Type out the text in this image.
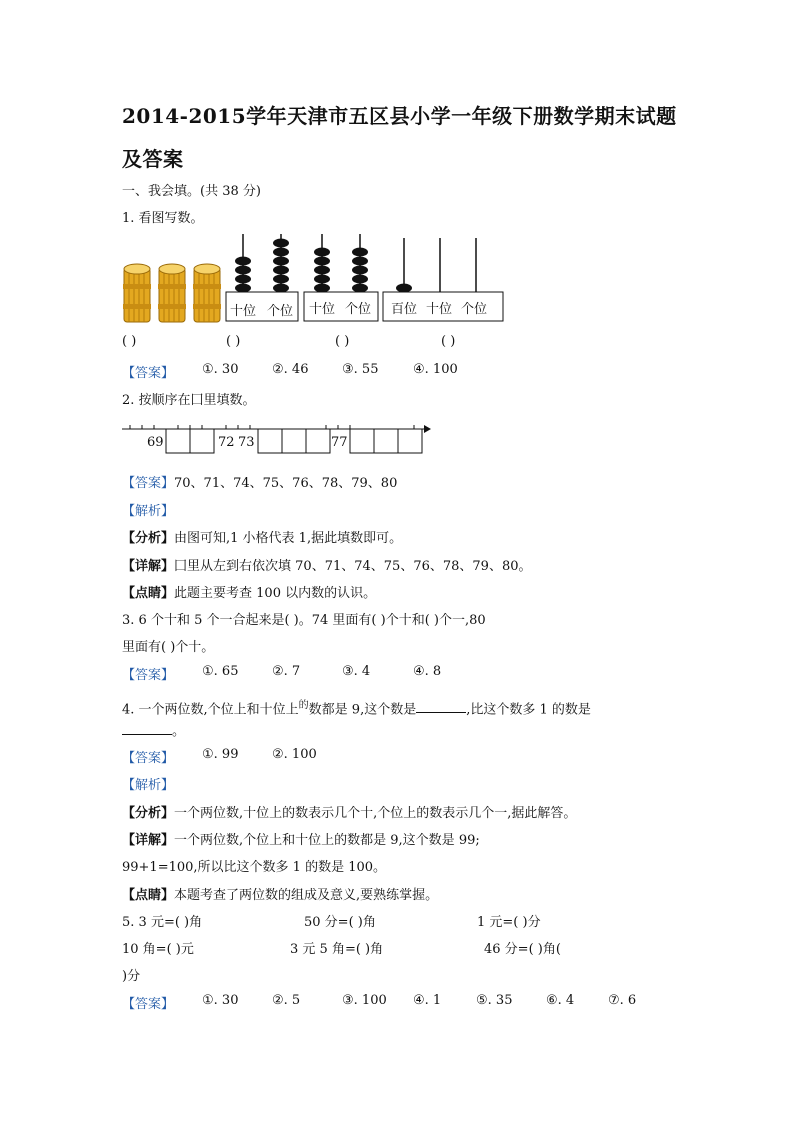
2014-2015学年天津市五区县小学一年级下册数学期末试题
及答案
一、我会填。(共 38 分)
1. 看图写数。
十位 个位 十位 个位 百位 十位 个位
( )	( )	( )	( )
【答案】 ①. 30	②. 46	③. 55	④. 100
2. 按顺序在囗里填数。
69	72 73	77
【答案】70、71、74、75、76、78、79、80
【解析】
【分析】由图可知,1 小格代表 1,据此填数即可。
【详解】囗里从左到右依次填 70、71、74、75、76、78、79、80。
【点睛】此题主要考查 100 以内数的认识。
3. 6 个十和 5 个一合起来是( )。74 里面有( )个十和( )个一,80
里面有( )个十。
【答案】 ①. 65	②. 7	③. 4	④. 8
4. 一个两位数,个位上和十位上$^的$数都是 9,这个数是	,比这个数多 1 的数是
。
【答案】 ①. 99	②. 100
【解析】
【分析】一个两位数,十位上的数表示几个十,个位上的数表示几个一,据此解答。
【详解】一个两位数,个位上和十位上的数都是 9,这个数是 99;
99+1=100,所以比这个数多 1 的数是 100。
【点睛】本题考查了两位数的组成及意义,要熟练掌握。
5. 3 元=( )角	50 分=( )角	1 元=( )分
10 角=( )元	3 元 5 角=( )角	46 分=( )角(
)分
【答案】 ①. 30	②. 5	③. 100 ④. 1	⑤. 35	⑥. 4	⑦. 6
